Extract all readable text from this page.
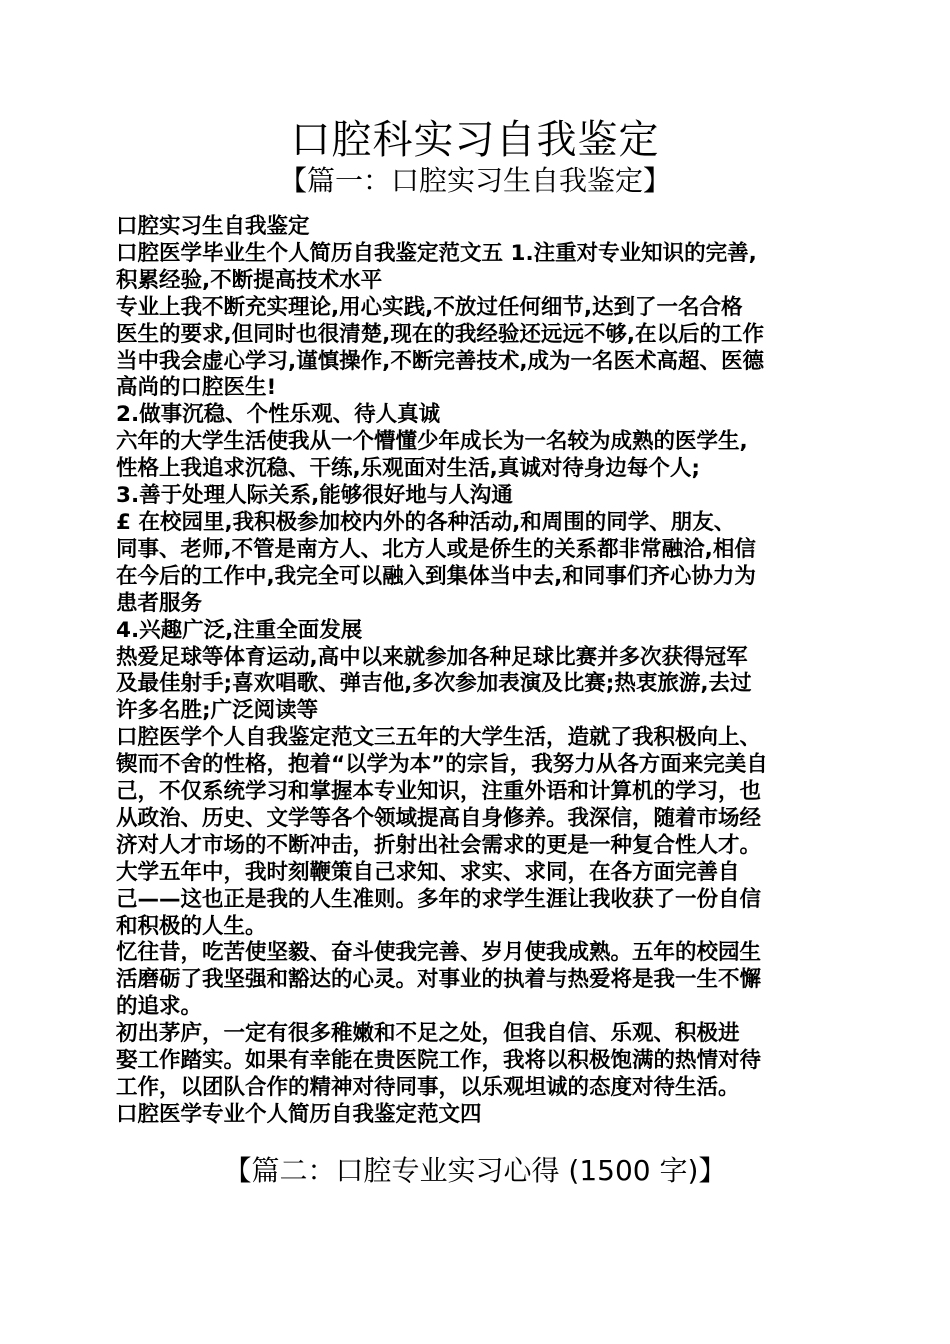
口腔科实习自我鉴定
【篇一：口腔实习生自我鉴定】
口腔实习生自我鉴定
口腔医学毕业生个人简历自我鉴定范文五 1.注重对专业知识的完善,
积累经验,不断提高技术水平
专业上我不断充实理论,用心实践,不放过任何细节,达到了一名合格
医生的要求,但同时也很清楚,现在的我经验还远远不够,在以后的工作
当中我会虚心学习,谨慎操作,不断完善技术,成为一名医术高超、医德
高尚的口腔医生!
2.做事沉稳、个性乐观、待人真诚
六年的大学生活使我从一个懵懂少年成长为一名较为成熟的医学生,
性格上我追求沉稳、干练,乐观面对生活,真诚对待身边每个人;
3.善于处理人际关系,能够很好地与人沟通
£ 在校园里,我积极参加校内外的各种活动,和周围的同学、朋友、
同事、老师,不管是南方人、北方人或是侨生的关系都非常融洽,相信
在今后的工作中,我完全可以融入到集体当中去,和同事们齐心协力为
患者服务
4.兴趣广泛,注重全面发展
热爱足球等体育运动,高中以来就参加各种足球比赛并多次获得冠军
及最佳射手;喜欢唱歌、弹吉他,多次参加表演及比赛;热衷旅游,去过
许多名胜;广泛阅读等
口腔医学个人自我鉴定范文三五年的大学生活，造就了我积极向上、
锲而不舍的性格，抱着“以学为本”的宗旨，我努力从各方面来完美自
己，不仅系统学习和掌握本专业知识，注重外语和计算机的学习，也
从政治、历史、文学等各个领域提高自身修养。我深信，随着市场经
济对人才市场的不断冲击，折射出社会需求的更是一种复合性人才。
大学五年中，我时刻鞭策自己求知、求实、求同，在各方面完善自
己——这也正是我的人生准则。多年的求学生涯让我收获了一份自信
和积极的人生。
忆往昔，吃苦使坚毅、奋斗使我完善、岁月使我成熟。五年的校园生
活磨砺了我坚强和豁达的心灵。对事业的执着与热爱将是我一生不懈
的追求。
初出茅庐，一定有很多稚嫩和不足之处，但我自信、乐观、积极进
娶工作踏实。如果有幸能在贵医院工作，我将以积极饱满的热情对待
工作，以团队合作的精神对待同事，以乐观坦诚的态度对待生活。
口腔医学专业个人简历自我鉴定范文四
【篇二：口腔专业实习心得 (1500 字)】
